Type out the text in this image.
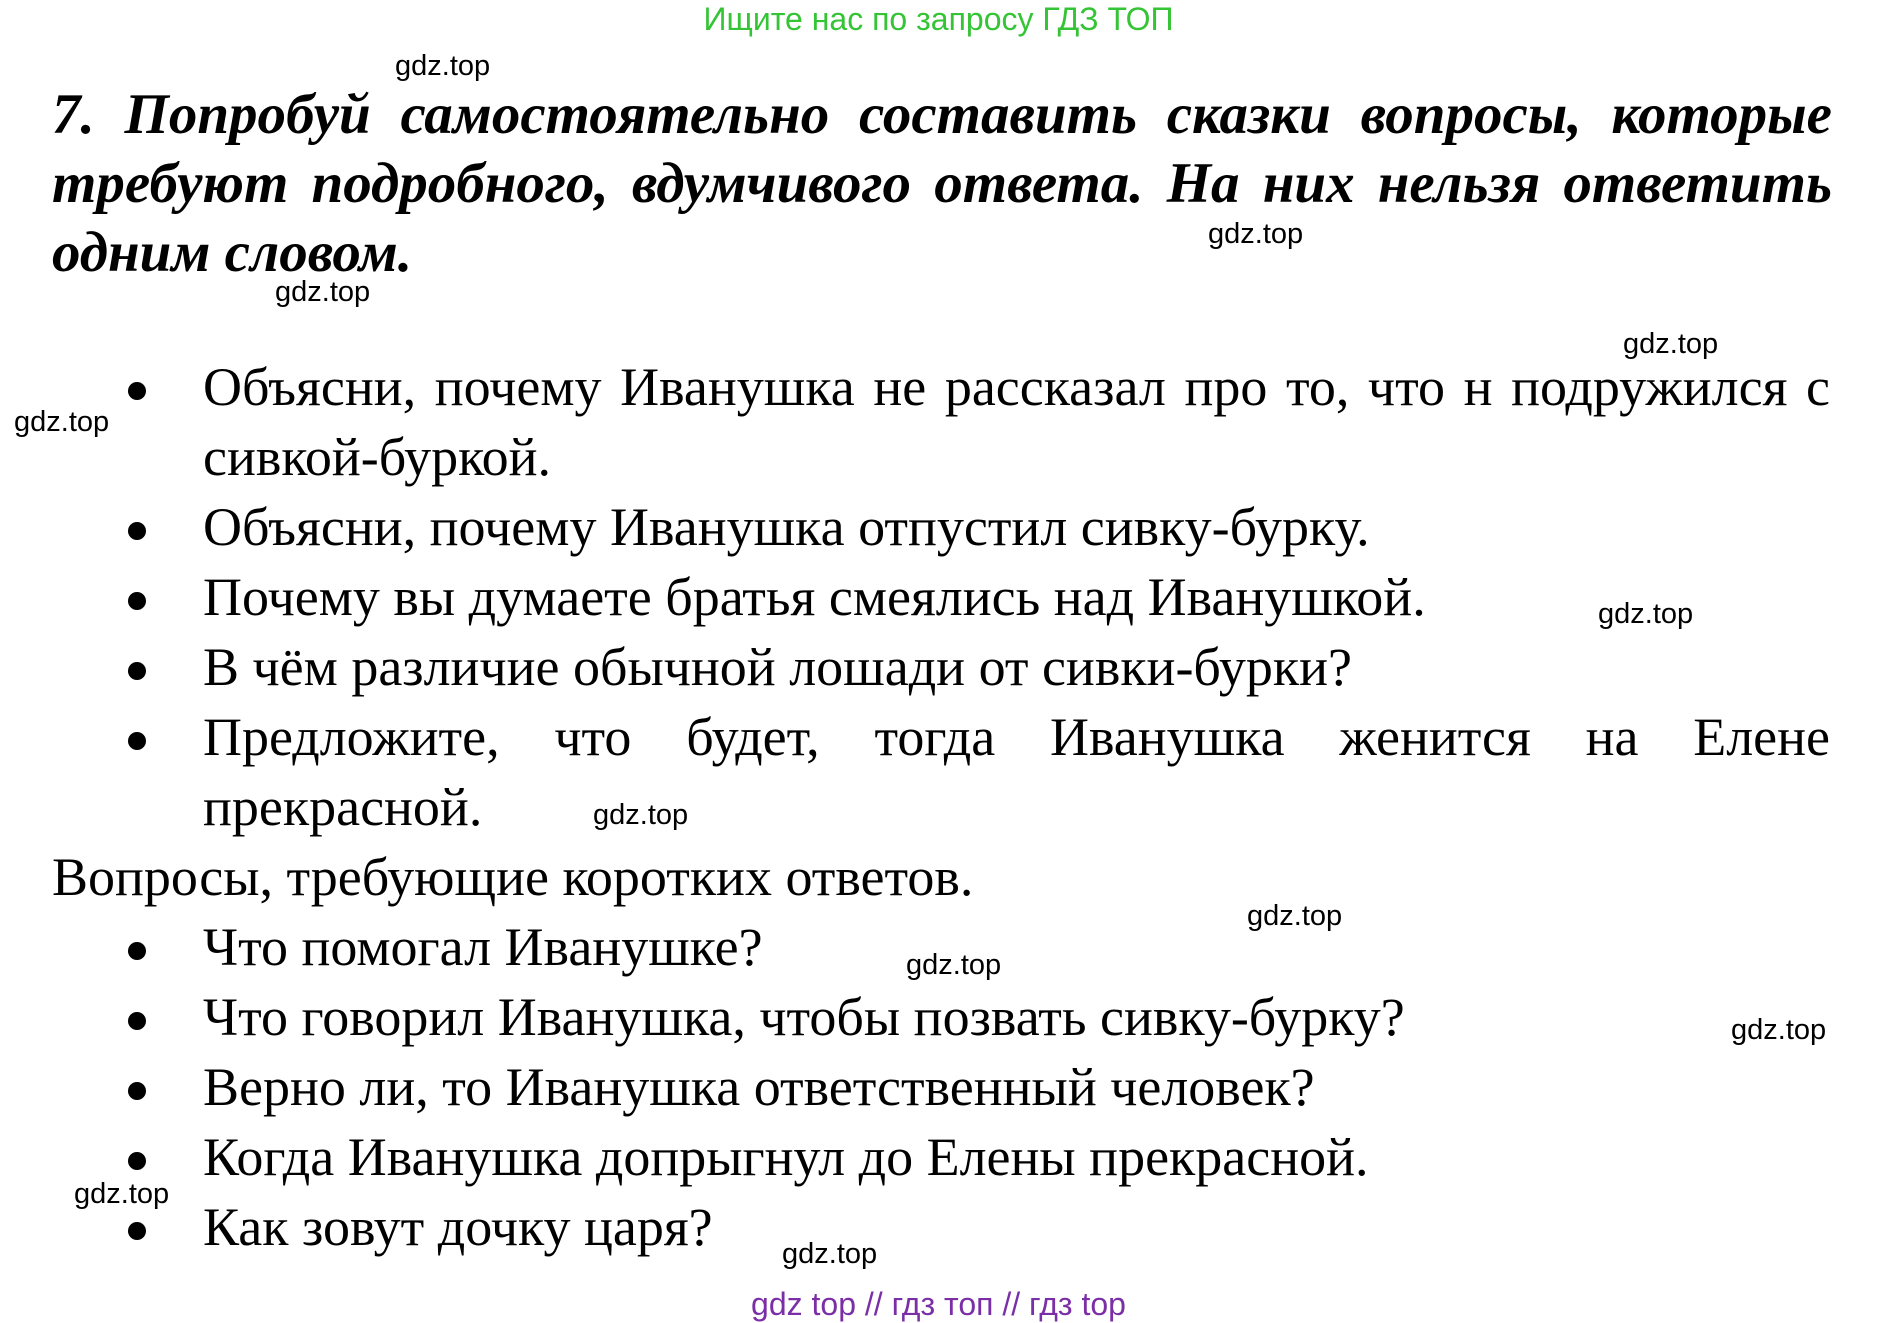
Ищите нас по запросу ГДЗ ТОП
7. Попробуй самостоятельно составить сказки вопросы, которые требуют подробного, вдумчивого ответа. На них нельзя ответить одним словом.
Объясни, почему Иванушка не рассказал про то, что н подружился с сивкой-буркой.
Объясни, почему Иванушка отпустил сивку-бурку.
Почему вы думаете братья смеялись над Иванушкой.
В чём различие обычной лошади от сивки-бурки?
Предложите, что будет, тогда Иванушка женится на Елене прекрасной.
Вопросы, требующие коротких ответов.
Что помогал Иванушке?
Что говорил Иванушка, чтобы позвать сивку-бурку?
Верно ли, то Иванушка ответственный человек?
Когда Иванушка допрыгнул до Елены прекрасной.
Как зовут дочку царя?
gdz.top
gdz.top
gdz.top
gdz.top
gdz.top
gdz.top
gdz.top
gdz.top
gdz.top
gdz.top
gdz.top
gdz.top
gdz top // гдз топ // гдз top
